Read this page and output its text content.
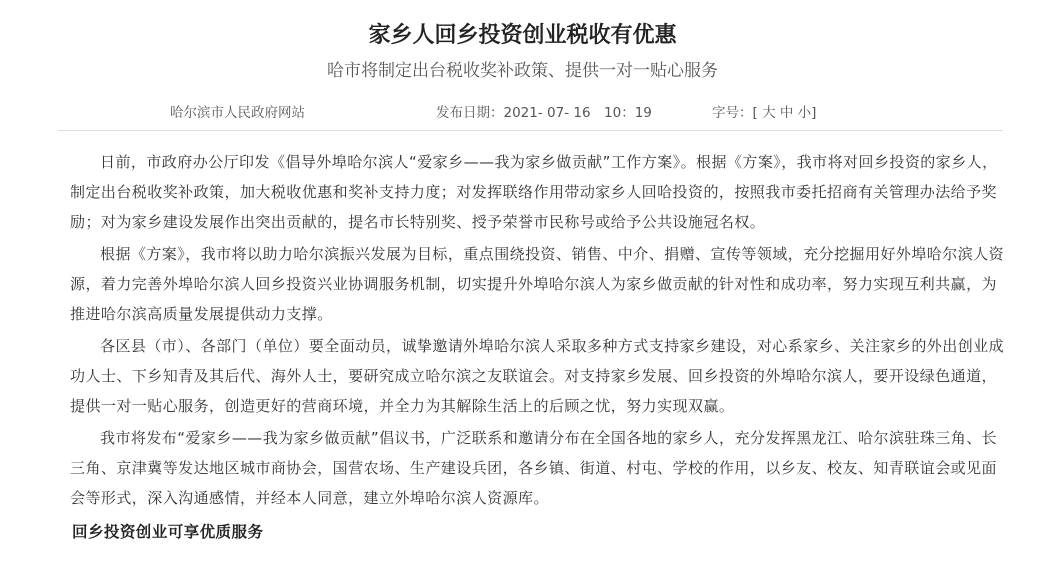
家乡人回乡投资创业税收有优惠
哈市将制定出台税收奖补政策、提供一对一贴心服务
哈尔滨市人民政府网站	发布日期：2021- 07- 16　10：19	字号：[ 大 中 小]

日前，市政府办公厅印发《倡导外埠哈尔滨人“爱家乡——我为家乡做贡献”工作方案》。根据《方案》，我市将对回乡投资的家乡人，制定出台税收奖补政策，加大税收优惠和奖补支持力度；对发挥联络作用带动家乡人回哈投资的，按照我市委托招商有关管理办法给予奖励；对为家乡建设发展作出突出贡献的，提名市长特别奖、授予荣誉市民称号或给予公共设施冠名权。

根据《方案》，我市将以助力哈尔滨振兴发展为目标，重点围绕投资、销售、中介、捐赠、宣传等领域，充分挖掘用好外埠哈尔滨人资源，着力完善外埠哈尔滨人回乡投资兴业协调服务机制，切实提升外埠哈尔滨人为家乡做贡献的针对性和成功率，努力实现互利共赢，为推进哈尔滨高质量发展提供动力支撑。

各区县（市）、各部门（单位）要全面动员，诚挚邀请外埠哈尔滨人采取多种方式支持家乡建设，对心系家乡、关注家乡的外出创业成功人士、下乡知青及其后代、海外人士，要研究成立哈尔滨之友联谊会。对支持家乡发展、回乡投资的外埠哈尔滨人，要开设绿色通道，提供一对一贴心服务，创造更好的营商环境，并全力为其解除生活上的后顾之忧，努力实现双赢。

我市将发布“爱家乡——我为家乡做贡献”倡议书，广泛联系和邀请分布在全国各地的家乡人，充分发挥黑龙江、哈尔滨驻珠三角、长三角、京津冀等发达地区城市商协会，国营农场、生产建设兵团，各乡镇、街道、村屯、学校的作用，以乡友、校友、知青联谊会或见面会等形式，深入沟通感情，并经本人同意，建立外埠哈尔滨人资源库。

回乡投资创业可享优质服务
